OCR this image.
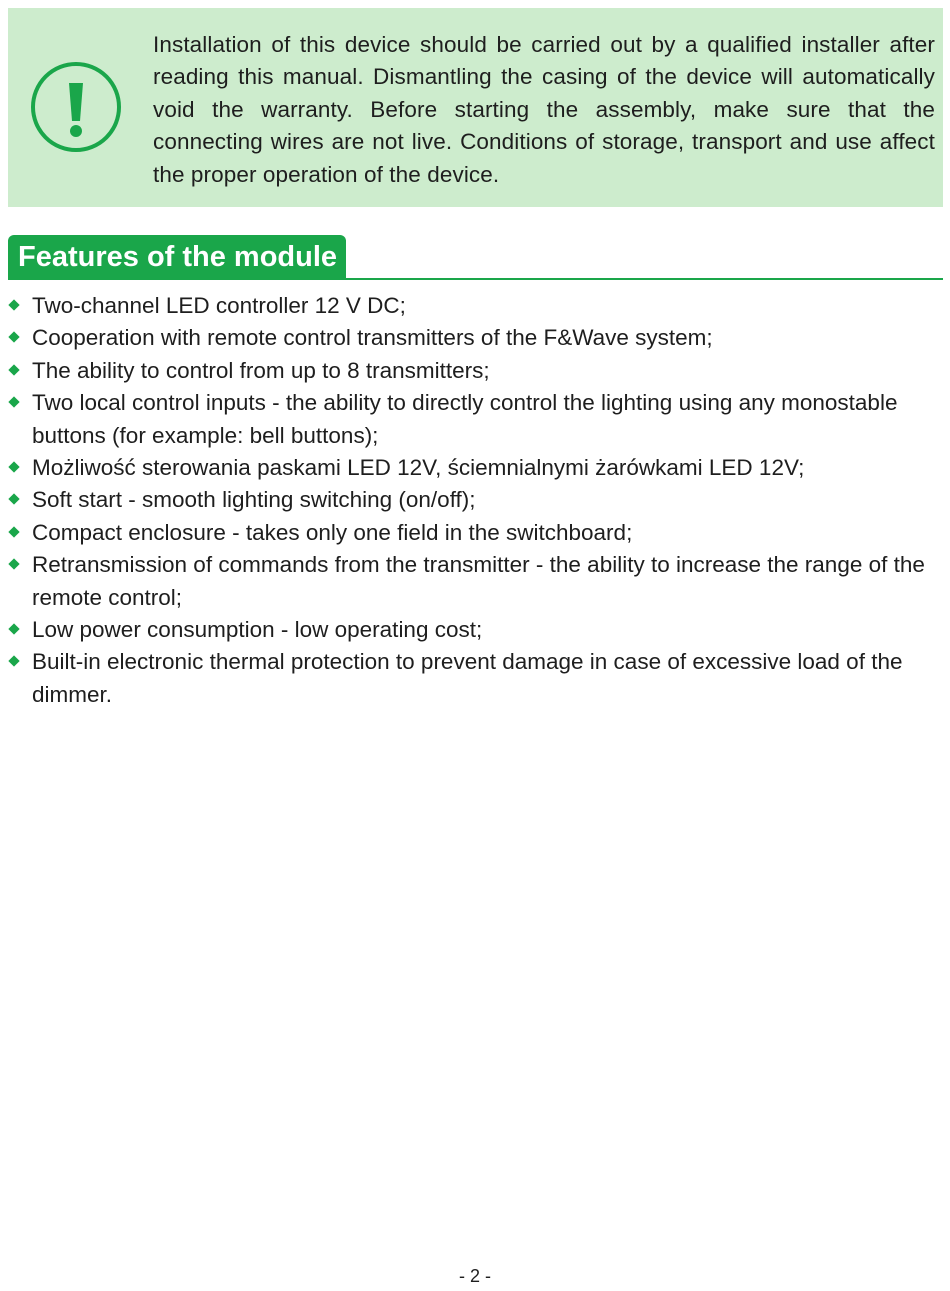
Installation of this device should be carried out by a qualified installer after reading this manual. Dismantling the casing of the device will automatically void the warranty. Before starting the assembly, make sure that the connecting wires are not live. Conditions of storage, transport and use affect the proper operation of the device.
Features of the module
Two-channel LED controller 12 V DC;
Cooperation with remote control transmitters of the F&Wave system;
The ability to control from up to 8 transmitters;
Two local control inputs - the ability to directly control the lighting using any monostable buttons (for example: bell buttons);
Możliwość sterowania paskami LED 12V, ściemnialnymi żarówkami LED 12V;
Soft start - smooth lighting switching (on/off);
Compact enclosure - takes only one field in the switchboard;
Retransmission of commands from the transmitter - the ability to increase the range of the remote control;
Low power consumption - low operating cost;
Built-in electronic thermal protection to prevent damage in case of excessive load of the dimmer.
- 2 -
